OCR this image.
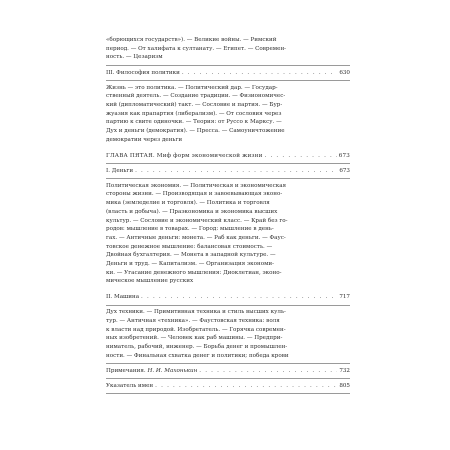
«борющихся государств»). — Великие войны. — Римский

период. — От халифата к султанату. — Египет. — Современ-

ность. — Цезаризм

III. Философия политики . . .	630

Жизнь — это политика. — Политический дар. — Государ-

ственный деятель. — Создание традиции. — Физиономичес-

кий (дипломатический) такт. — Сословие и партия. — Бур-

жуазия как прапартия (либерализм). — От сословия через

партию к свите одиночки. — Теория: от Руссо к Марксу. —

Дух и деньги (демократия). — Пресса. — Самоуничтожение

демократии через деньги

ГЛАВА ПЯТАЯ. Миф форм экономической жизни . . .	673
I. Деньги . . .	673

Политическая экономия. — Политическая и экономическая

стороны жизни. — Производящая и завоевывающая эконо-

мика (земледелие и торговля). — Политика и торговля

(власть и добыча). — Праэкономика и экономика высших

культур. — Сословие и экономический класс. — Край без го-

родов: мышление в товарах. — Город: мышление в день-

гах. — Античные деньги: монета. — Раб как деньги. — Фаус-

товское денежное мышление: балансовая стоимость. —

Двойная бухгалтерия. — Монета в западной культуре. —

Деньги и труд. — Капитализм. — Организация экономи-

ки. — Угасание денежного мышления: Диоклетиан, эконо-

мическое мышление русских

II. Машина . . .	717

Дух техники. — Примитивная техника и стиль высших куль-

тур. — Античная «техника». — Фаустовская техника: воля

к власти над природой. Изобретатель. — Горячка современ-

ных изобретений. — Человек как раб машины. — Предпри-

ниматель, рабочий, инженер. — Борьба денег и промышлен-

ности. — Финальная схватка денег и политики; победа крови

Примечания. Н. И. Махонькин . . .	732
Указатель имен . . .	805
